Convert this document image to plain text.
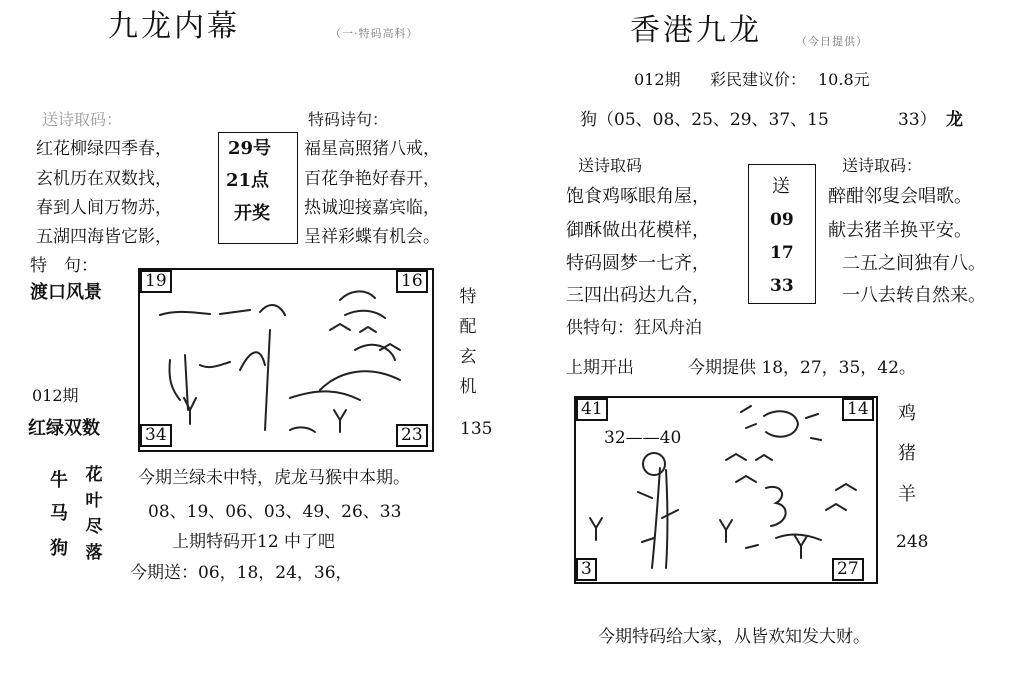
九龙内幕	（一·特码高科）
送诗取码：	特码诗句：
红花柳绿四季春，
玄机历在双数找，
春到人间万物苏，
五湖四海皆它影，
29号
21点
开奖
福星高照猪八戒，
百花争艳好春开，
热诚迎接嘉宾临，
呈祥彩蝶有机会。
特　句：
渡口风景
012期
红绿双数
19	16
34	23
特
配
玄
机
135
牛
马
狗
花
叶
尽
落
今期兰绿未中特，虎龙马猴中本期。
08、19、06、03、49、26、33
上期特码开12 中了吧
今期送：06，18，24，36，
香港九龙	（今日提供）
012期 彩民建议价： 10.8元
狗（05、08、25、29、37、15	33） 龙
送诗取码	送诗取码：
饱食鸡啄眼角屋，
御酥做出花模样，
特码圆梦一七齐，
三四出码达九合，
送
09
17
33
醉酣邻叟会唱歌。
献去猪羊换平安。
二五之间独有八。
一八去转自然来。
供特句：狂风舟泊
上期开出	今期提供 18，27，35，42。
32——40
41	14
3	27
鸡
猪
羊
248
今期特码给大家，从皆欢知发大财。
